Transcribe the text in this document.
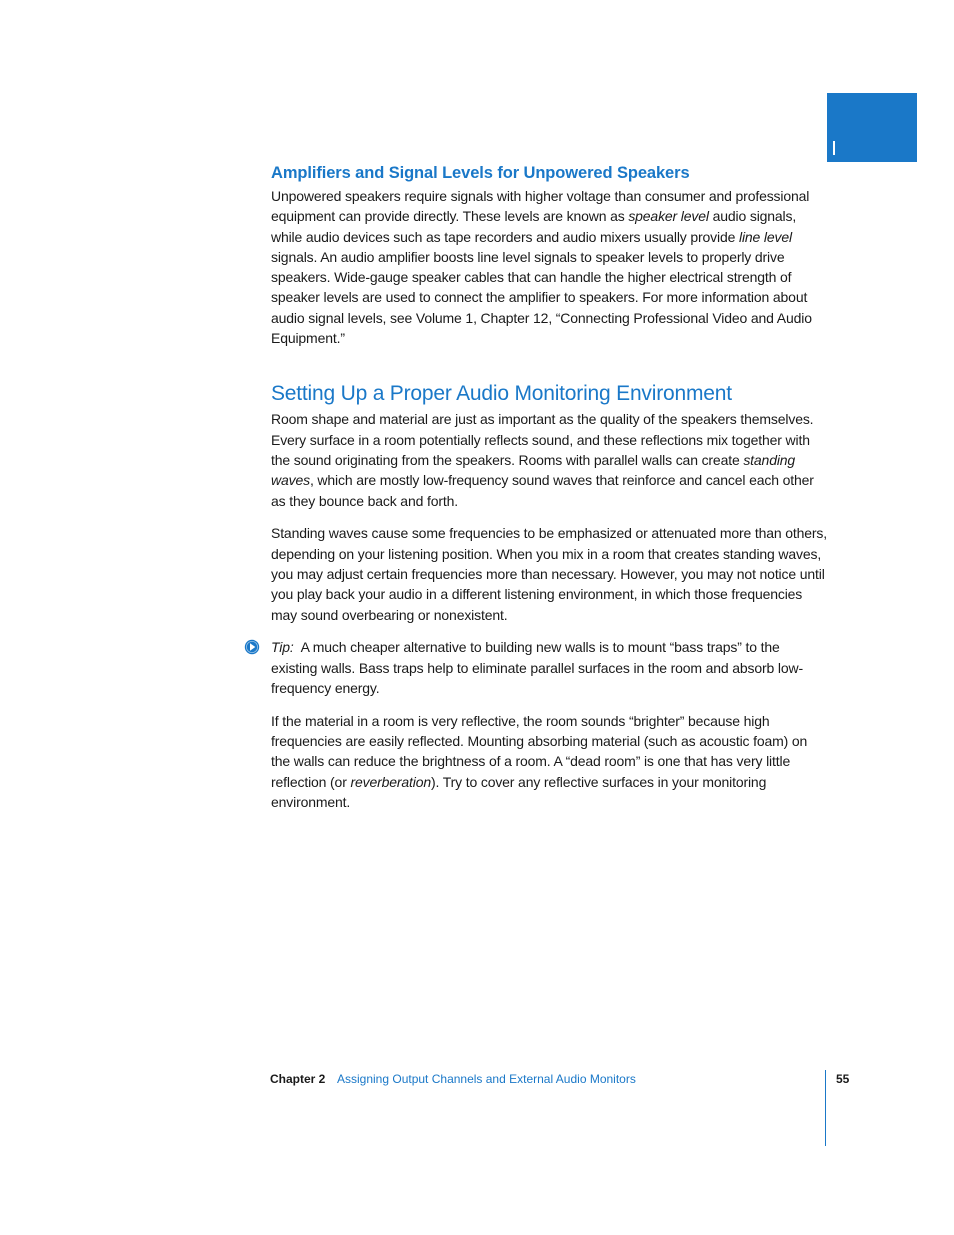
Amplifiers and Signal Levels for Unpowered Speakers

Unpowered speakers require signals with higher voltage than consumer and professional equipment can provide directly. These levels are known as speaker level audio signals, while audio devices such as tape recorders and audio mixers usually provide line level signals. An audio amplifier boosts line level signals to speaker levels to properly drive speakers. Wide-gauge speaker cables that can handle the higher electrical strength of speaker levels are used to connect the amplifier to speakers. For more information about audio signal levels, see Volume 1, Chapter 12, “Connecting Professional Video and Audio Equipment.”

Setting Up a Proper Audio Monitoring Environment

Room shape and material are just as important as the quality of the speakers themselves. Every surface in a room potentially reflects sound, and these reflections mix together with the sound originating from the speakers. Rooms with parallel walls can create standing waves, which are mostly low-frequency sound waves that reinforce and cancel each other as they bounce back and forth.

Standing waves cause some frequencies to be emphasized or attenuated more than others, depending on your listening position. When you mix in a room that creates standing waves, you may adjust certain frequencies more than necessary. However, you may not notice until you play back your audio in a different listening environment, in which those frequencies may sound overbearing or nonexistent.

Tip: A much cheaper alternative to building new walls is to mount “bass traps” to the existing walls. Bass traps help to eliminate parallel surfaces in the room and absorb low-frequency energy.

If the material in a room is very reflective, the room sounds “brighter” because high frequencies are easily reflected. Mounting absorbing material (such as acoustic foam) on the walls can reduce the brightness of a room. A “dead room” is one that has very little reflection (or reverberation). Try to cover any reflective surfaces in your monitoring environment.

Chapter 2 Assigning Output Channels and External Audio Monitors	55
